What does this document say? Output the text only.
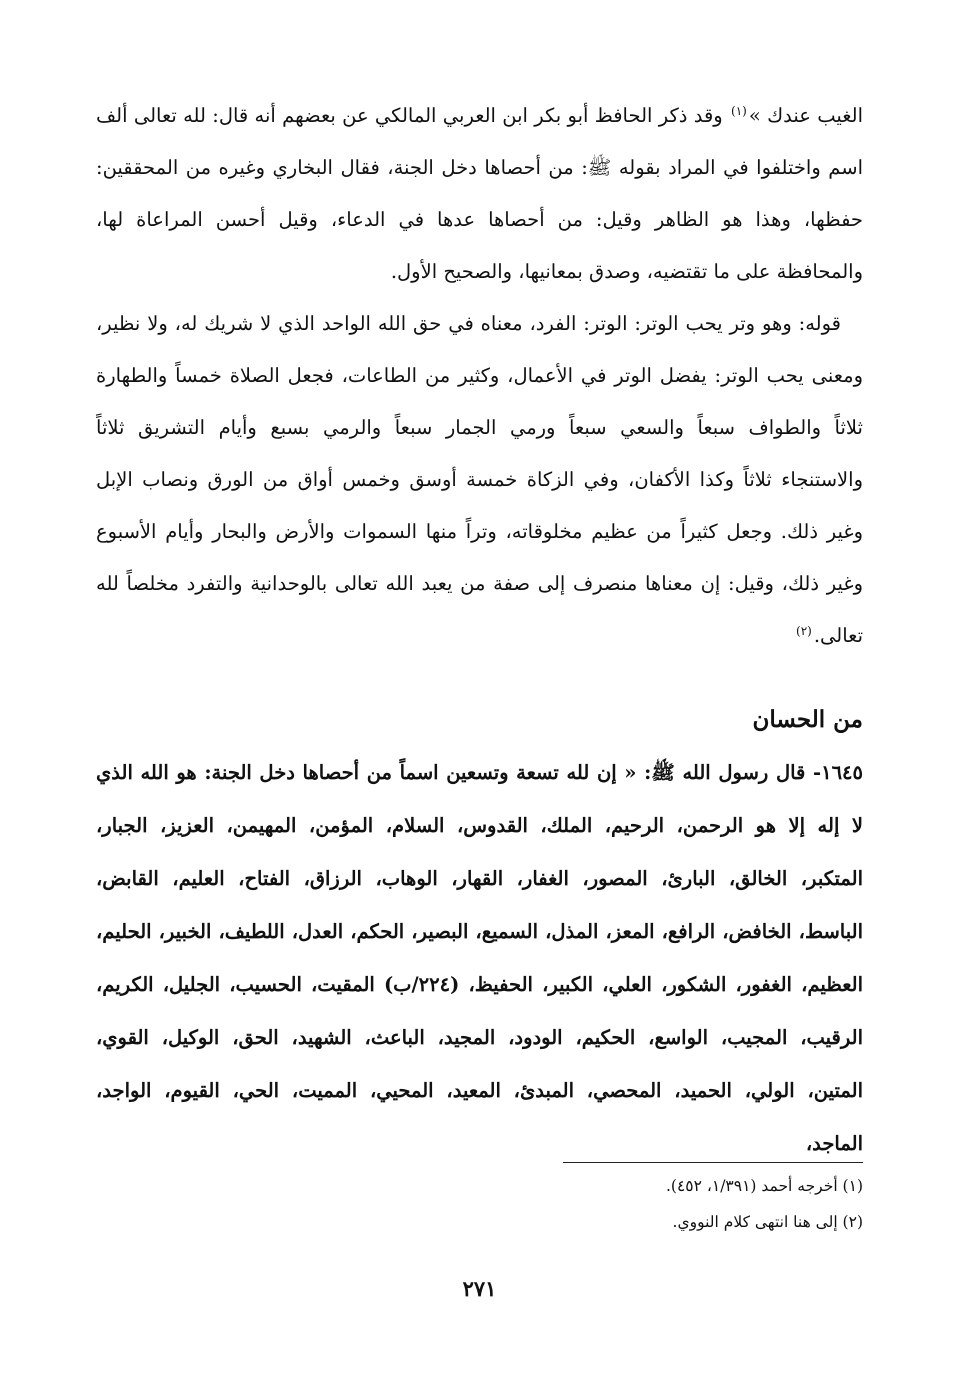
الغيب عندك »$^{(١)}$ وقد ذكر الحافظ أبو بكر ابن العربي المالكي عن بعضهم أنه قال: لله تعالى ألف اسم واختلفوا في المراد بقوله ﷺ: من أحصاها دخل الجنة، فقال البخاري وغيره من المحققين: حفظها، وهذا هو الظاهر وقيل: من أحصاها عدها في الدعاء، وقيل أحسن المراعاة لها، والمحافظة على ما تقتضيه، وصدق بمعانيها، والصحيح الأول.

قوله: وهو وتر يحب الوتر: الوتر: الفرد، معناه في حق الله الواحد الذي لا شريك له، ولا نظير، ومعنى يحب الوتر: يفضل الوتر في الأعمال، وكثير من الطاعات، فجعل الصلاة خمساً والطهارة ثلاثاً والطواف سبعاً والسعي سبعاً ورمي الجمار سبعاً والرمي بسبع وأيام التشريق ثلاثاً والاستنجاء ثلاثاً وكذا الأكفان، وفي الزكاة خمسة أوسق وخمس أواق من الورق ونصاب الإبل وغير ذلك. وجعل كثيراً من عظيم مخلوقاته، وتراً منها السموات والأرض والبحار وأيام الأسبوع وغير ذلك، وقيل: إن معناها منصرف إلى صفة من يعبد الله تعالى بالوحدانية والتفرد مخلصاً لله تعالى.$^{(٢)}$

من الحسان

١٦٤٥- قال رسول الله ﷺ: « إن لله تسعة وتسعين اسماً من أحصاها دخل الجنة: هو الله الذي لا إله إلا هو الرحمن، الرحيم، الملك، القدوس، السلام، المؤمن، المهيمن، العزيز، الجبار، المتكبر، الخالق، البارئ، المصور، الغفار، القهار، الوهاب، الرزاق، الفتاح، العليم، القابض، الباسط، الخافض، الرافع، المعز، المذل، السميع، البصير، الحكم، العدل، اللطيف، الخبير، الحليم، العظيم، الغفور، الشكور، العلي، الكبير، الحفيظ، (٢٢٤/ب) المقيت، الحسيب، الجليل، الكريم، الرقيب، المجيب، الواسع، الحكيم، الودود، المجيد، الباعث، الشهيد، الحق، الوكيل، القوي، المتين، الولي، الحميد، المحصي، المبدئ، المعيد، المحيي، المميت، الحي، القيوم، الواجد، الماجد،

(١) أخرجه أحمد (١/٣٩١، ٤٥٢).

(٢) إلى هنا انتهى كلام النووي.

٢٧١
